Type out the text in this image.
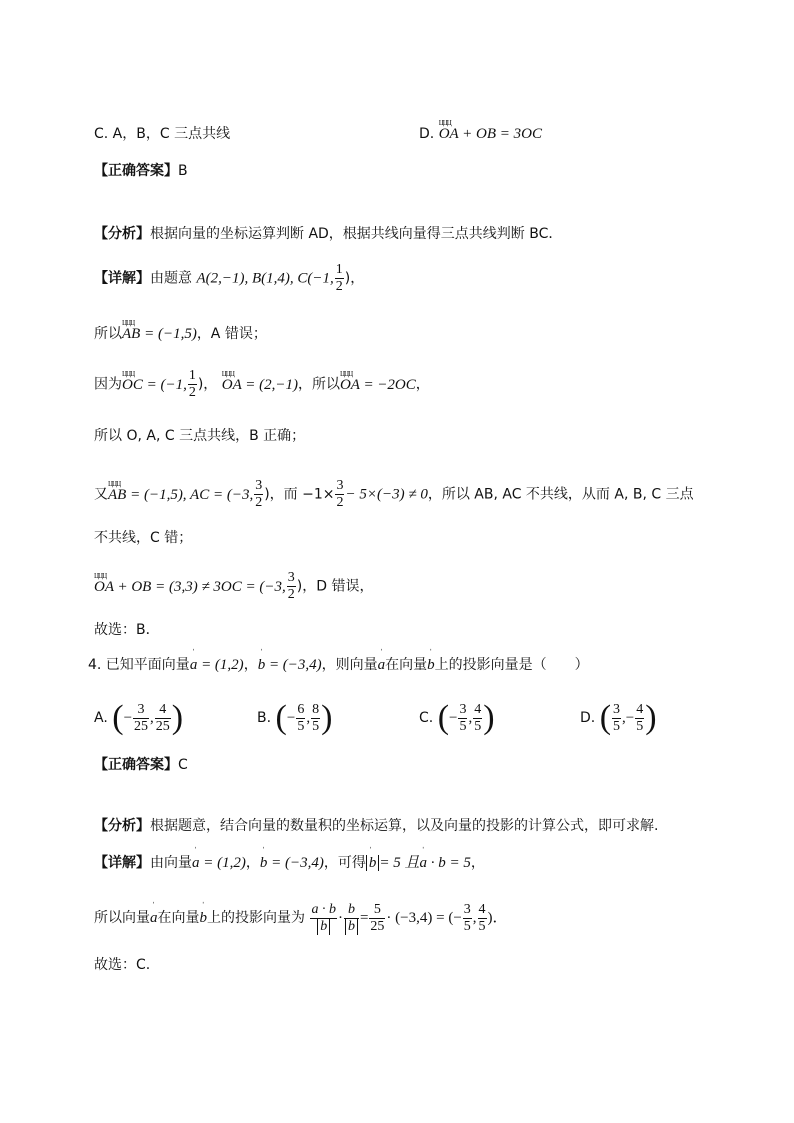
C. A，B，C 三点共线	D. ЦЦЦ OA + OB = 3OC
【正确答案】B
【分析】根据向量的坐标运算判断 AD，根据共线向量得三点共线判断 BC．
【详解】由题意 A(2,−1), B(1,4), C(−1, $\frac{1}{2}$ )，
所以ЦЦЦ AB = (−1,5)，A 错误；
因为ЦЦЦ OC = (−1, $\frac{1}{2}$ )， ЦЦЦ OA = (2,−1)，所以ЦЦЦ OA = −2OC，
所以 O, A, C 三点共线，B 正确；
又ЦЦЦ AB = (−1,5), AC = (−3, $\frac{3}{2}$ )，而 $-1\times \frac{3}{2} - 5\times(-3) \ne 0$，所以 AB, AC 不共线，从而 A, B, C 三点
不共线，C 错；
ЦЦЦ OA + OB = (3,3) ≠ 3OC = (−3, $\frac{3}{2}$ )，D 错误，
故选：B．
4. 已知平面向量ˈ a = (1,2)，ˈ b = (−3,4)，则向量ˈ a在向量ˈ b上的投影向量是（　　）
A. (− $\frac{3}{25}$ , $\frac{4}{25}$ )	B. (− $\frac{6}{5}$ , $\frac{8}{5}$ )	C. (− $\frac{3}{5}$ , $\frac{4}{5}$ )	D. ( $\frac{3}{5}$ ,− $\frac{4}{5}$ )
【正确答案】C
【分析】根据题意，结合向量的数量积的坐标运算，以及向量的投影的计算公式，即可求解.
【详解】由向量ˈ a = (1,2)，ˈ b = (−3,4)，可得 ˈ b = 5 且ˈ a · b = 5，
所以向量ˈ a在向量ˈ b上的投影向量为 $\frac{a \cdot b}{b} \cdot \frac{b}{b} = \frac{5}{25} \cdot (-3,4)$ = (− $\frac{3}{5}$ , $\frac{4}{5}$ )．
故选：C.
